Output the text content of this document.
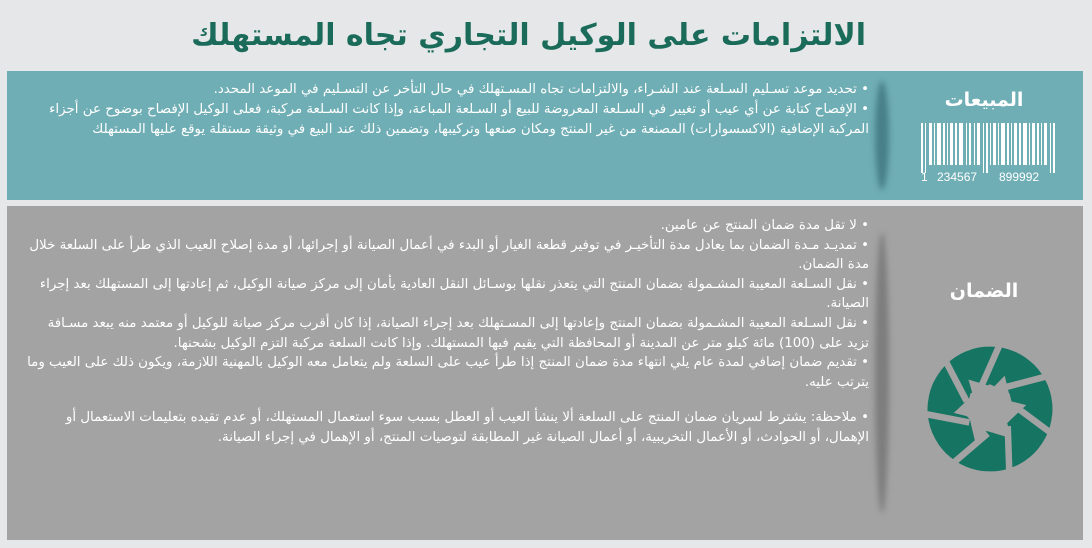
الالتزامات على الوكيل التجاري تجاه المستهلك
المبيعات
1 234567 899992
• تحديد موعد تسـليم السـلعة عند الشـراء، والالتزامات تجاه المسـتهلك في حال التأخر عن التسـليم في الموعد المحدد.
• الإفصاح كتابة عن أي عيب أو تغيير في السـلعة المعروضة للبيع أو السـلعة المباعة، وإذا كانت السـلعة مركبة، فعلى الوكيل الإفصاح بوضوح عن أجزاء المركبة الإضافية (الاكسسوارات) المصنعة من غير المنتج ومكان صنعها وتركيبها، وتضمين ذلك عند البيع في وثيقة مستقلة يوقع عليها المستهلك
الضمان
• لا تقل مدة ضمان المنتج عن عامين.
• تمديـد مـدة الضمان بما يعادل مدة التأخيـر في توفير قطعة الغيار أو البدء في أعمال الصيانة أو إجرائها، أو مدة إصلاح العيب الذي طرأ على السلعة خلال مدة الضمان.
• نقل السـلعة المعيبة المشـمولة بضمان المنتج التي يتعذر نقلها بوسـائل النقل العادية بأمان إلى مركز صيانة الوكيل، ثم إعادتها إلى المستهلك بعد إجراء الصيانة.
• نقل السـلعة المعيبة المشـمولة بضمان المنتج وإعادتها إلى المسـتهلك بعد إجراء الصيانة، إذا كان أقرب مركز صيانة للوكيل أو معتمد منه يبعد مسـافة تزيد على (100) مائة كيلو متر عن المدينة أو المحافظة التي يقيم فيها المستهلك. وإذا كانت السلعة مركبة التزم الوكيل بشحنها.
• تقديم ضمان إضافي لمدة عام يلي انتهاء مدة ضمان المنتج إذا طرأ عيب على السلعة ولم يتعامل معه الوكيل بالمهنية اللازمة، ويكون ذلك على العيب وما يترتب عليه.
• ملاحظة: يشترط لسريان ضمان المنتج على السلعة ألا ينشأ العيب أو العطل بسبب سوء استعمال المستهلك، أو عدم تقيده بتعليمات الاستعمال أو الإهمال، أو الحوادث، أو الأعمال التخريبية، أو أعمال الصيانة غير المطابقة لتوصيات المنتج، أو الإهمال في إجراء الصيانة.
